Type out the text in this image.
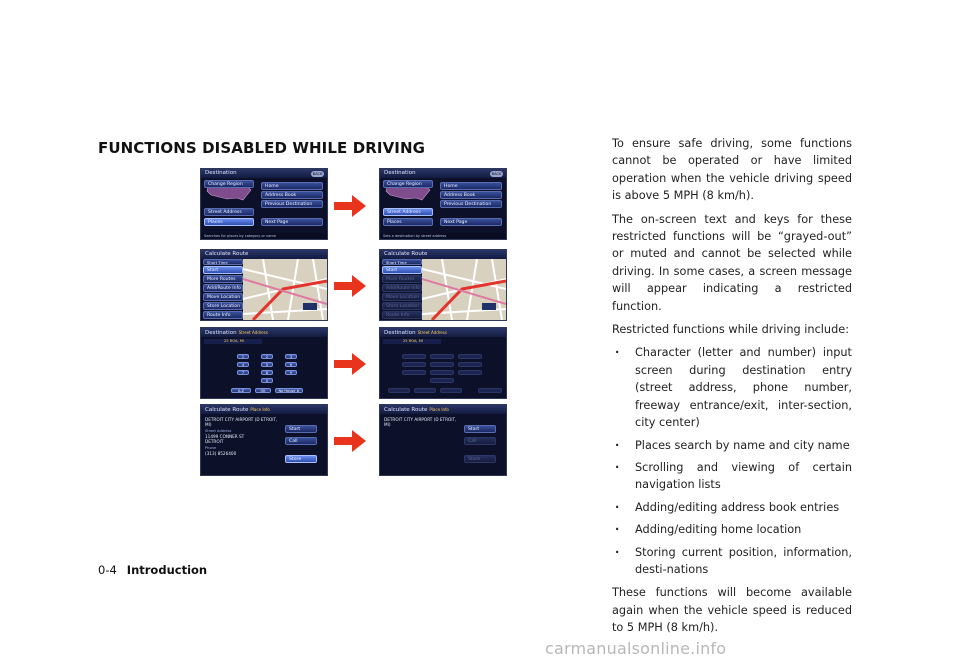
FUNCTIONS DISABLED WHILE DRIVING
Destination	BACK
Change Region
Street Address
Places
Home
Address Book
Previous Destination
Next Page
Searches for places by category or name
Calculate Route
Short Time
Start
More Routes
Add/Route Info
Move Location
Store Location
Route Info
Destination Street Address
25 ROA, MI
1	2	3
4	5	6
7	8	9
0
A-Z	OK	No House #
Calculate Route Place Info
DETROIT CITY AIRPORT (D ETROIT, MI)
Street Address
11499 CONNER ST
DETROIT
Phone
(313) 8526400
Start
Call
Store
Destination	BACK
Change Region
Street Address
Places
Home
Address Book
Previous Destination
Next Page
Sets a destination by street address
Calculate Route
Short Time
Start
More Routes
Add/Route Info
Move Location
Store Location
Route Info
Destination Street Address
25 ROA, MI
Calculate Route Place Info
DETROIT CITY AIRPORT (D ETROIT, MI)
Start
Call
Store

To ensure safe driving, some functions cannot be operated or have limited operation when the vehicle driving speed is above 5 MPH (8 km/h).

The on-screen text and keys for these restricted functions will be “grayed-out” or muted and cannot be selected while driving. In some cases, a screen message will appear indicating a restricted function.

Restricted functions while driving include:

. Character (letter and number) input screen during destination entry (street address, phone number, freeway entrance/exit, inter-section, city center)
. Places search by name and city name
. Scrolling and viewing of certain navigation lists
. Adding/editing address book entries
. Adding/editing home location
. Storing current position, information, desti-nations

These functions will become available again when the vehicle speed is reduced to 5 MPH (8 km/h).

0-4 Introduction
carmanualsonline.info
